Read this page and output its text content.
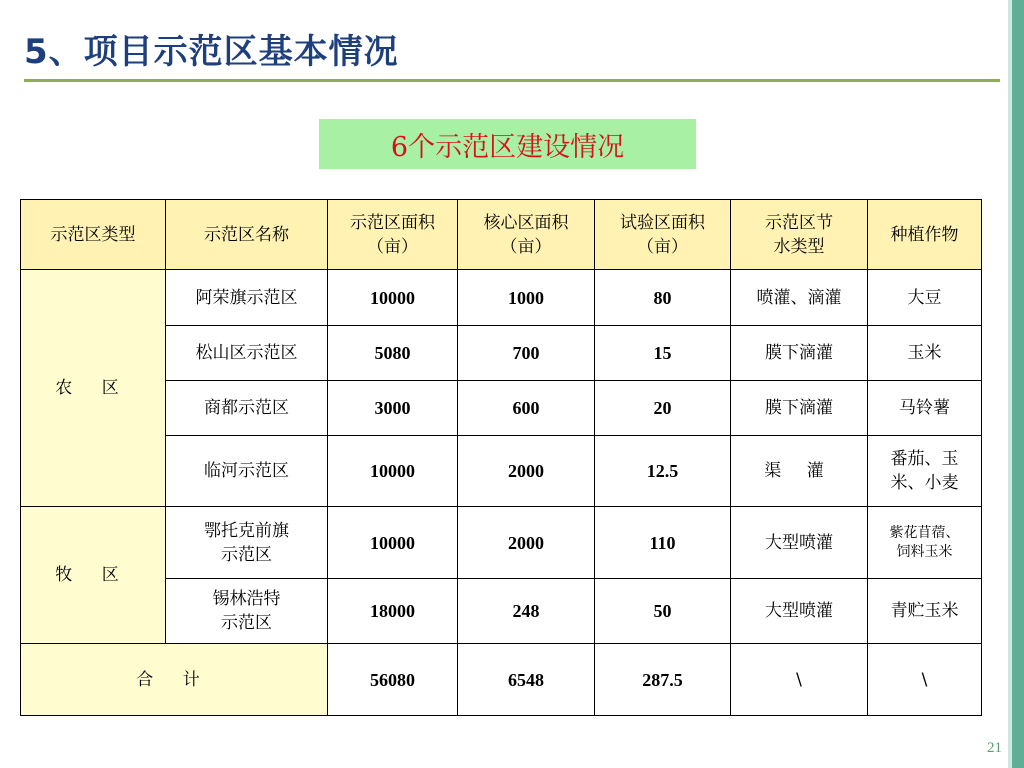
5、项目示范区基本情况
6个示范区建设情况
示范区类型	示范区名称	示范区面积（亩）	核心区面积（亩）	试验区面积（亩）	示范区节水类型	种植作物
农 区	阿荣旗示范区	10000	1000	80	喷灌、滴灌	大豆
	松山区示范区	5080	700	15	膜下滴灌	玉米
	商都示范区	3000	600	20	膜下滴灌	马铃薯
	临河示范区	10000	2000	12.5	渠 灌	番茄、玉米、小麦

牧 区	鄂托克前旗示范区	10000	2000	110	大型喷灌	紫花苜蓿、饲料玉米

	锡林浩特示范区	18000	248	50	大型喷灌	青贮玉米
合 计		56080	6548	287.5	\	\
21
